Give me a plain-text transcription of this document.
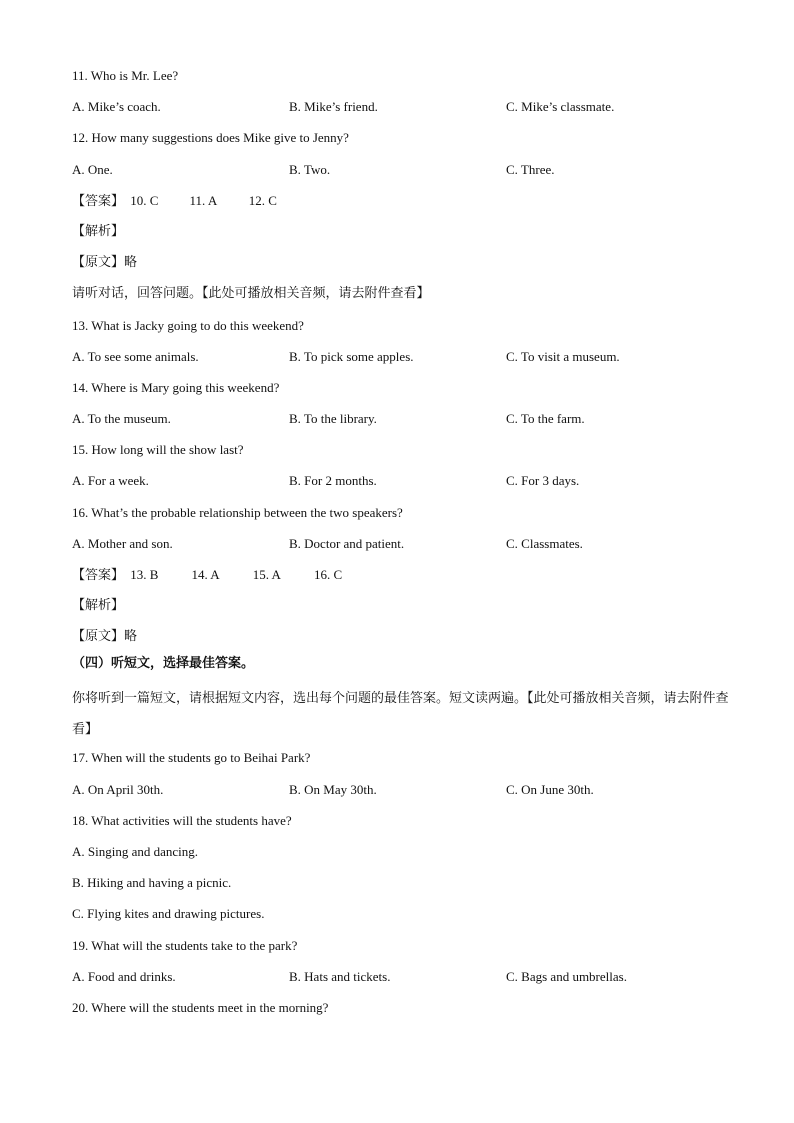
11. Who is Mr. Lee?
A. Mike’s coach.	B. Mike’s friend.	C. Mike’s classmate.
12. How many suggestions does Mike give to Jenny?
A. One.	B. Two.	C. Three.
【答案】 10. C 11. A 12. C
【解析】
【原文】略
请听对话，回答问题。【此处可播放相关音频，请去附件查看】
13. What is Jacky going to do this weekend?
A. To see some animals.	B. To pick some apples.	C. To visit a museum.
14. Where is Mary going this weekend?
A. To the museum.	B. To the library.	C. To the farm.
15. How long will the show last?
A. For a week.	B. For 2 months.	C. For 3 days.
16. What’s the probable relationship between the two speakers?
A. Mother and son.	B. Doctor and patient.	C. Classmates.
【答案】 13. B	14. A	15. A	16. C
【解析】
【原文】略
（四）听短文，选择最佳答案。
你将听到一篇短文，请根据短文内容，选出每个问题的最佳答案。短文读两遍。【此处可播放相关音频，请去附件查看】
17. When will the students go to Beihai Park?
A. On April 30th.	B. On May 30th.	C. On June 30th.
18. What activities will the students have?
A. Singing and dancing.
B. Hiking and having a picnic.
C. Flying kites and drawing pictures.
19. What will the students take to the park?
A. Food and drinks.	B. Hats and tickets.	C. Bags and umbrellas.
20. Where will the students meet in the morning?
